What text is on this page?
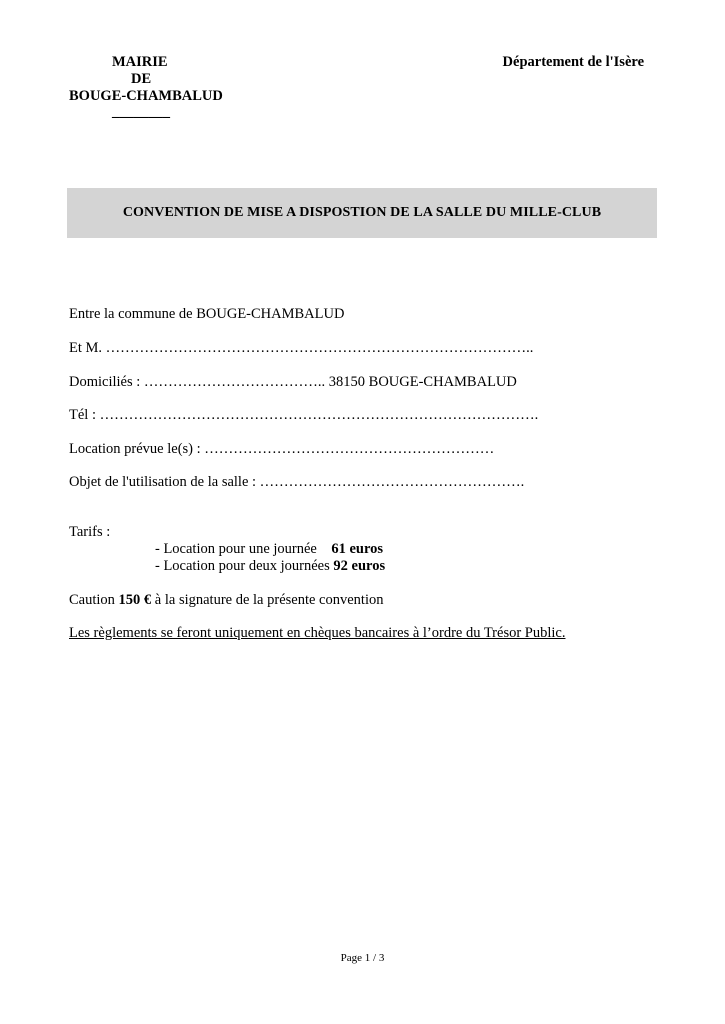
MAIRIE
DE
BOUGE-CHAMBALUD
________
Département de l'Isère
CONVENTION DE MISE A DISPOSTION DE LA SALLE DU MILLE-CLUB
Entre la commune de BOUGE-CHAMBALUD
Et M. ……………………………………………………………………………..
Domiciliés : ……………………………….. 38150 BOUGE-CHAMBALUD
Tél : ……………………………………………………………………………….
Location prévue le(s) : ……………………………………………………
Objet de l'utilisation de la salle : ……………………………………………….
Tarifs :
- Location pour une journée    61 euros
- Location pour deux journées 92 euros
Caution 150 € à la signature de la présente convention
Les règlements se feront uniquement en chèques bancaires à l’ordre du Trésor Public.
Page 1 / 3
